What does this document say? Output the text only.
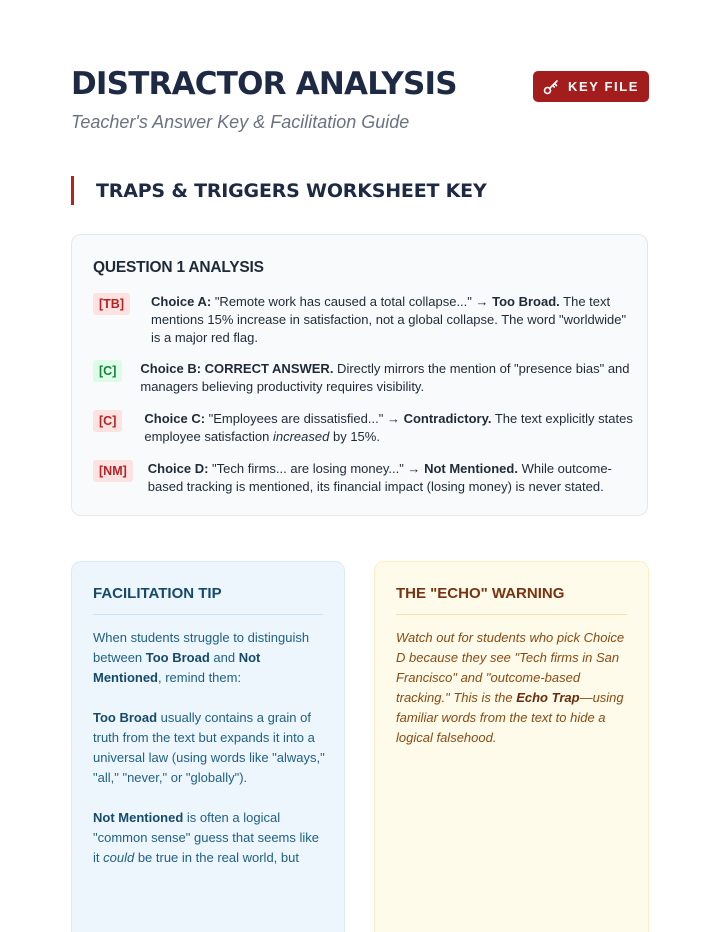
DISTRACTOR ANALYSIS
Teacher's Answer Key & Facilitation Guide
KEY FILE
TRAPS & TRIGGERS WORKSHEET KEY
QUESTION 1 ANALYSIS
[TB]	Choice A: "Remote work has caused a total collapse..." → Too Broad. The text mentions 15% increase in satisfaction, not a global collapse. The word "worldwide" is a major red flag.
[C]	Choice B: CORRECT ANSWER. Directly mirrors the mention of "presence bias" and managers believing productivity requires visibility.
[C]	Choice C: "Employees are dissatisfied..." → Contradictory. The text explicitly states employee satisfaction increased by 15%.
[NM]	Choice D: "Tech firms... are losing money..." → Not Mentioned. While outcome-based tracking is mentioned, its financial impact (losing money) is never stated.
FACILITATION TIP
When students struggle to distinguish between Too Broad and Not Mentioned, remind them:
Too Broad usually contains a grain of truth from the text but expands it into a universal law (using words like "always," "all," "never," or "globally").
Not Mentioned is often a logical "common sense" guess that seems like it could be true in the real world, but
THE "ECHO" WARNING
Watch out for students who pick Choice D because they see "Tech firms in San Francisco" and "outcome-based tracking." This is the Echo Trap—using familiar words from the text to hide a logical falsehood.
